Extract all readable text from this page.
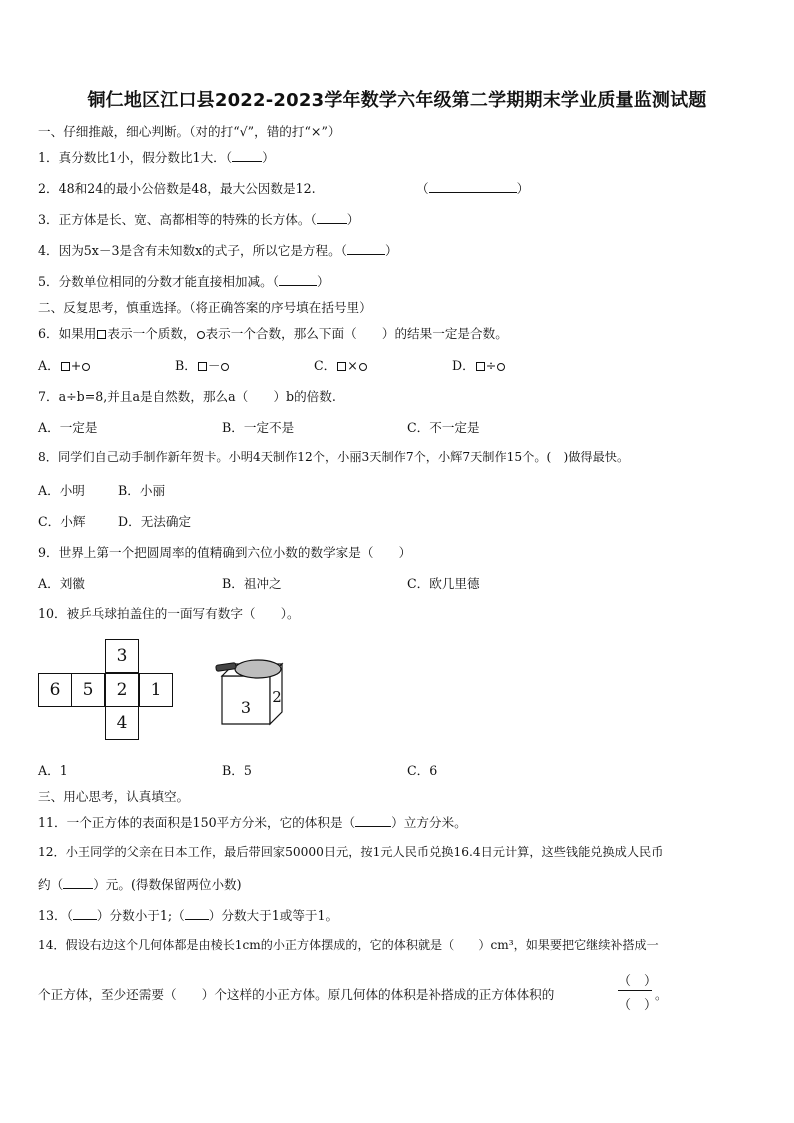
铜仁地区江口县2022-2023学年数学六年级第二学期期末学业质量监测试题
一、仔细推敲，细心判断。（对的打“√”，错的打“×”）
1．真分数比1小，假分数比1大．（ ）
2．48和24的最小公倍数是48，最大公因数是12.	（	）
3．正方体是长、宽、高都相等的特殊的长方体。（ ）
4．因为5x－3是含有未知数x的式子，所以它是方程。（	）
5．分数单位相同的分数才能直接相加减。（	）
二、反复思考，慎重选择。（将正确答案的序号填在括号里）
6．如果用 表示一个质数， 表示一个合数，那么下面（　　）的结果一定是合数。
A． +	B． －	C． ×	D． ÷
7．a÷b=8,并且a是自然数，那么a（　　）b的倍数.
A．一定是	B．一定不是	C．不一定是
8．同学们自己动手制作新年贺卡。小明4天制作12个，小丽3天制作7个，小辉7天制作15个。(　)做得最快。
A．小明	B．小丽
C．小辉	D．无法确定
9．世界上第一个把圆周率的值精确到六位小数的数学家是（　　）
A．刘徽	B．祖冲之	C．欧几里德
10．被乒乓球拍盖住的一面写有数字（　　）。
3
6	5	2	1
4
3
2
A．1	B．5	C．6
三、用心思考，认真填空。
11．一个正方体的表面积是150平方分米，它的体积是（	）立方分米。
12．小王同学的父亲在日本工作，最后带回家50000日元，按1元人民币兑换16.4日元计算，这些钱能兑换成人民币
约（ ）元。(得数保留两位小数)
13．（ ）分数小于1;（ ）分数大于1或等于1。
14．假设右边这个几何体都是由棱长1cm的小正方体摆成的，它的体积就是（　　）cm³，如果要把它继续补搭成一
个正方体，至少还需要（　　）个这样的小正方体。原几何体的体积是补搭成的正方体体积的
（　）
（　）
。
